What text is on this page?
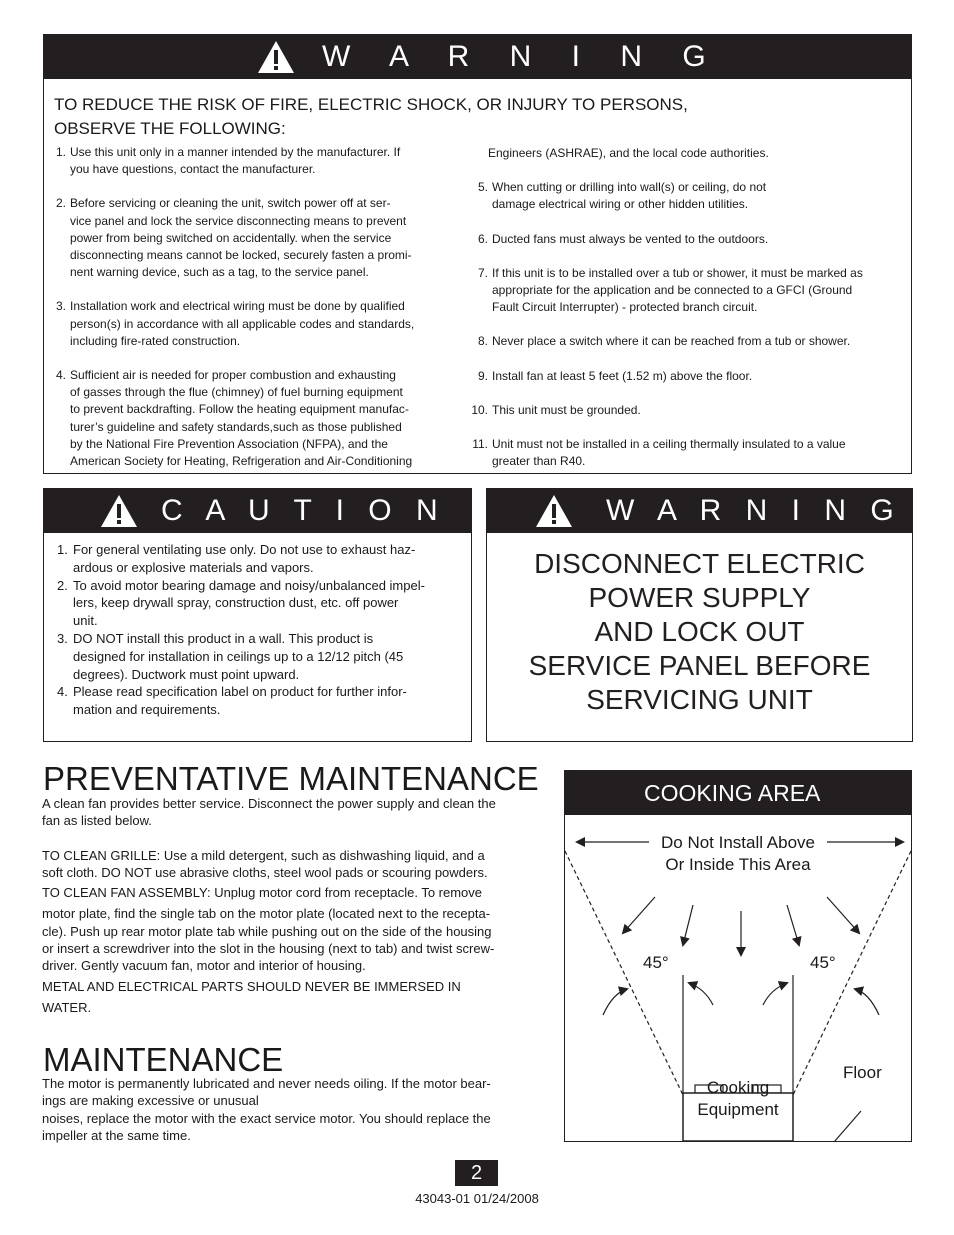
W A R N I N G
TO REDUCE THE RISK OF FIRE, ELECTRIC SHOCK, OR INJURY TO PERSONS,
OBSERVE THE FOLLOWING:
1. Use this unit only in a manner intended by the manufacturer. If
you have questions, contact the manufacturer.
2. Before servicing or cleaning the unit, switch power off at ser-
vice panel and lock the service disconnecting means to prevent
power from being switched on accidentally. when the service
disconnecting means cannot be locked, securely fasten a promi-
nent warning device, such as a tag, to the service panel.
3. Installation work and electrical wiring must be done by qualified
person(s) in accordance with all applicable codes and standards,
including fire-rated construction.
4. Sufficient air is needed for proper combustion and exhausting
of gasses through the flue (chimney) of fuel burning equipment
to prevent backdrafting. Follow the heating equipment manufac-
turer’s guideline and safety standards,such as those published
by the National Fire Prevention Association (NFPA), and the
American Society for Heating, Refrigeration and Air-Conditioning
Engineers (ASHRAE), and the local code authorities.
5. When cutting or drilling into wall(s) or ceiling, do not
damage electrical wiring or other hidden utilities.
6. Ducted fans must always be vented to the outdoors.
7. If this unit is to be installed over a tub or shower, it must be marked as
appropriate for the application and be connected to a GFCI (Ground
Fault Circuit Interrupter) - protected branch circuit.
8. Never place a switch where it can be reached from a tub or shower.
9. Install fan at least 5 feet (1.52 m) above the floor.
10. This unit must be grounded.
11. Unit must not be installed in a ceiling thermally insulated to a value
greater than R40.
C A U T I O N
1. For general ventilating use only. Do not use to exhaust haz-
ardous or explosive materials and vapors.
2. To avoid motor bearing damage and noisy/unbalanced impel-
lers, keep drywall spray, construction dust, etc. off power
unit.
3. DO NOT install this product in a wall. This product is
designed for installation in ceilings up to a 12/12 pitch (45
degrees). Ductwork must point upward.
4. Please read specification label on product for further infor-
mation and requirements.
W A R N I N G
DISCONNECT ELECTRIC
POWER SUPPLY
AND LOCK OUT
SERVICE PANEL BEFORE
SERVICING UNIT
PREVENTATIVE MAINTENANCE

A clean fan provides better service. Disconnect the power supply and clean the

fan as listed below.

TO CLEAN GRILLE: Use a mild detergent, such as dishwashing liquid, and a

soft cloth. DO NOT use abrasive cloths, steel wool pads or scouring powders.

TO CLEAN FAN ASSEMBLY: Unplug motor cord from receptacle. To remove

motor plate, find the single tab on the motor plate (located next to the recepta-

cle). Push up rear motor plate tab while pushing out on the side of the housing

or insert a screwdriver into the slot in the housing (next to tab) and twist screw-

driver. Gently vacuum fan, motor and interior of housing.

METAL AND ELECTRICAL PARTS SHOULD NEVER BE IMMERSED IN

WATER.

MAINTENANCE

The motor is permanently lubricated and never needs oiling. If the motor bear-

ings are making excessive or unusual

noises, replace the motor with the exact service motor. You should replace the

impeller at the same time.

COOKING AREA
Do Not Install Above
Or Inside This Area
45°	45°
Cooking
Equipment
Floor
2
43043-01 01/24/2008
